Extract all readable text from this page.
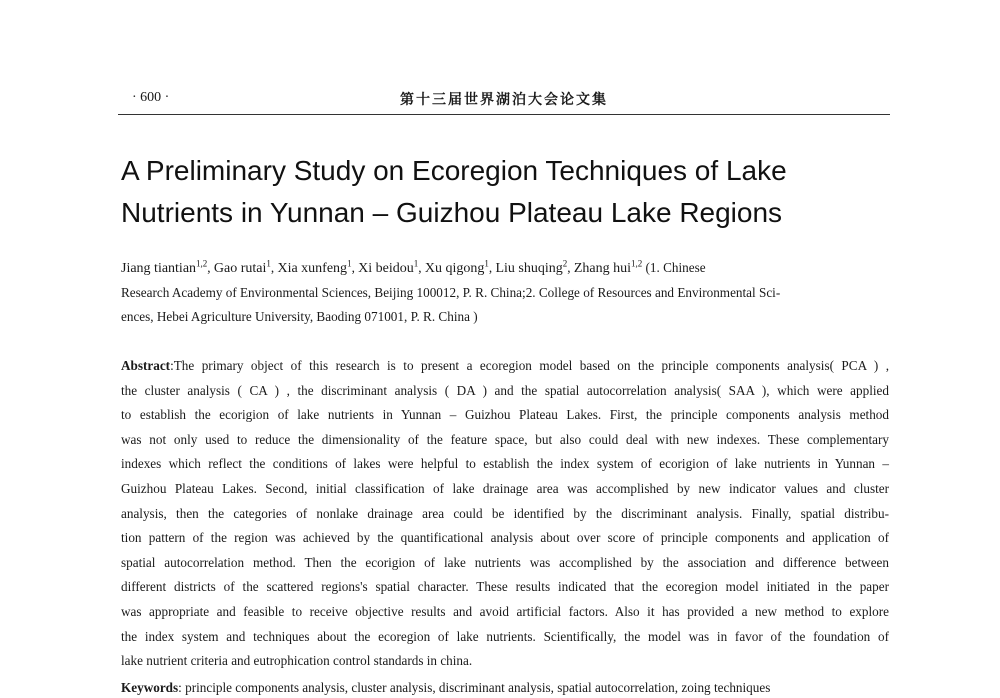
· 600 ·	第十三届世界湖泊大会论文集
A Preliminary Study on Ecoregion Techniques of Lake
Nutrients in Yunnan – Guizhou Plateau Lake Regions
Jiang tiantian$^{1,2}$, Gao rutai$^1$, Xia xunfeng$^1$, Xi beidou$^1$, Xu qigong$^1$, Liu shuqing$^2$, Zhang hui$^{1,2}$ (1. Chinese
Research Academy of Environmental Sciences, Beijing 100012, P. R. China;2. College of Resources and Environmental Sci-
ences, Hebei Agriculture University, Baoding 071001, P. R. China )
Abstract:The primary object of this research is to present a ecoregion model based on the principle components analysis( PCA ) ,
the cluster analysis ( CA ) , the discriminant analysis ( DA ) and the spatial autocorrelation analysis( SAA ), which were applied
to establish the ecorigion of lake nutrients in Yunnan – Guizhou Plateau Lakes. First, the principle components analysis method
was not only used to reduce the dimensionality of the feature space, but also could deal with new indexes. These complementary
indexes which reflect the conditions of lakes were helpful to establish the index system of ecorigion of lake nutrients in Yunnan –
Guizhou Plateau Lakes. Second, initial classification of lake drainage area was accomplished by new indicator values and cluster
analysis, then the categories of nonlake drainage area could be identified by the discriminant analysis. Finally, spatial distribu-
tion pattern of the region was achieved by the quantificational analysis about over score of principle components and application of
spatial autocorrelation method. Then the ecorigion of lake nutrients was accomplished by the association and difference between
different districts of the scattered regions's spatial character. These results indicated that the ecoregion model initiated in the paper
was appropriate and feasible to receive objective results and avoid artificial factors. Also it has provided a new method to explore
the index system and techniques about the ecoregion of lake nutrients. Scientifically, the model was in favor of the foundation of
lake nutrient criteria and eutrophication control standards in china.
Keywords: principle components analysis, cluster analysis, discriminant analysis, spatial autocorrelation, zoing techniques
